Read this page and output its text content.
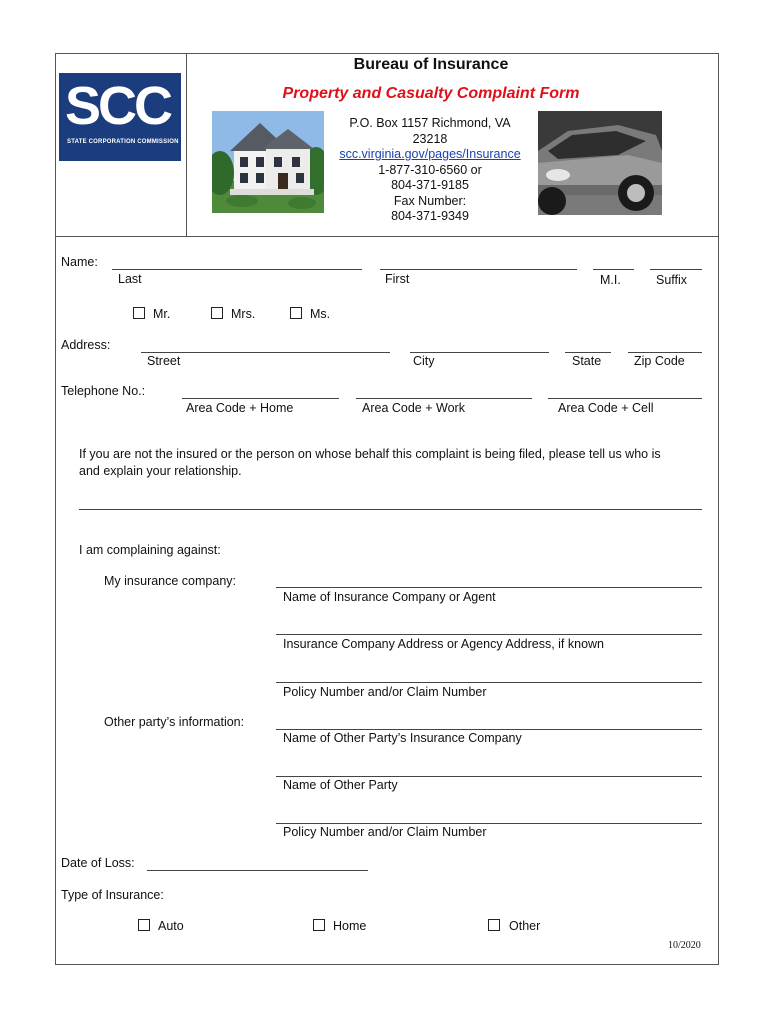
SCC
STATE CORPORATION COMMISSION
Bureau of Insurance
Property and Casualty Complaint Form
P.O. Box 1157 Richmond, VA
23218
scc.virginia.gov/pages/Insurance
1-877-310-6560 or
804-371-9185
Fax Number:
804-371-9349
Name:
Last	First	M.I.	Suffix
Mr.	Mrs.	Ms.
Address:
Street	City	State	Zip Code
Telephone No.:
Area Code + Home	Area Code + Work	Area Code + Cell
If you are not the insured or the person on whose behalf this complaint is being filed, please tell us who is
and explain your relationship.
I am complaining against:
My insurance company:
Name of Insurance Company or Agent
Insurance Company Address or Agency Address, if known
Policy Number and/or Claim Number
Other party’s information:
Name of Other Party’s Insurance Company
Name of Other Party
Policy Number and/or Claim Number
Date of Loss:
Type of Insurance:
Auto	Home	Other
10/2020
